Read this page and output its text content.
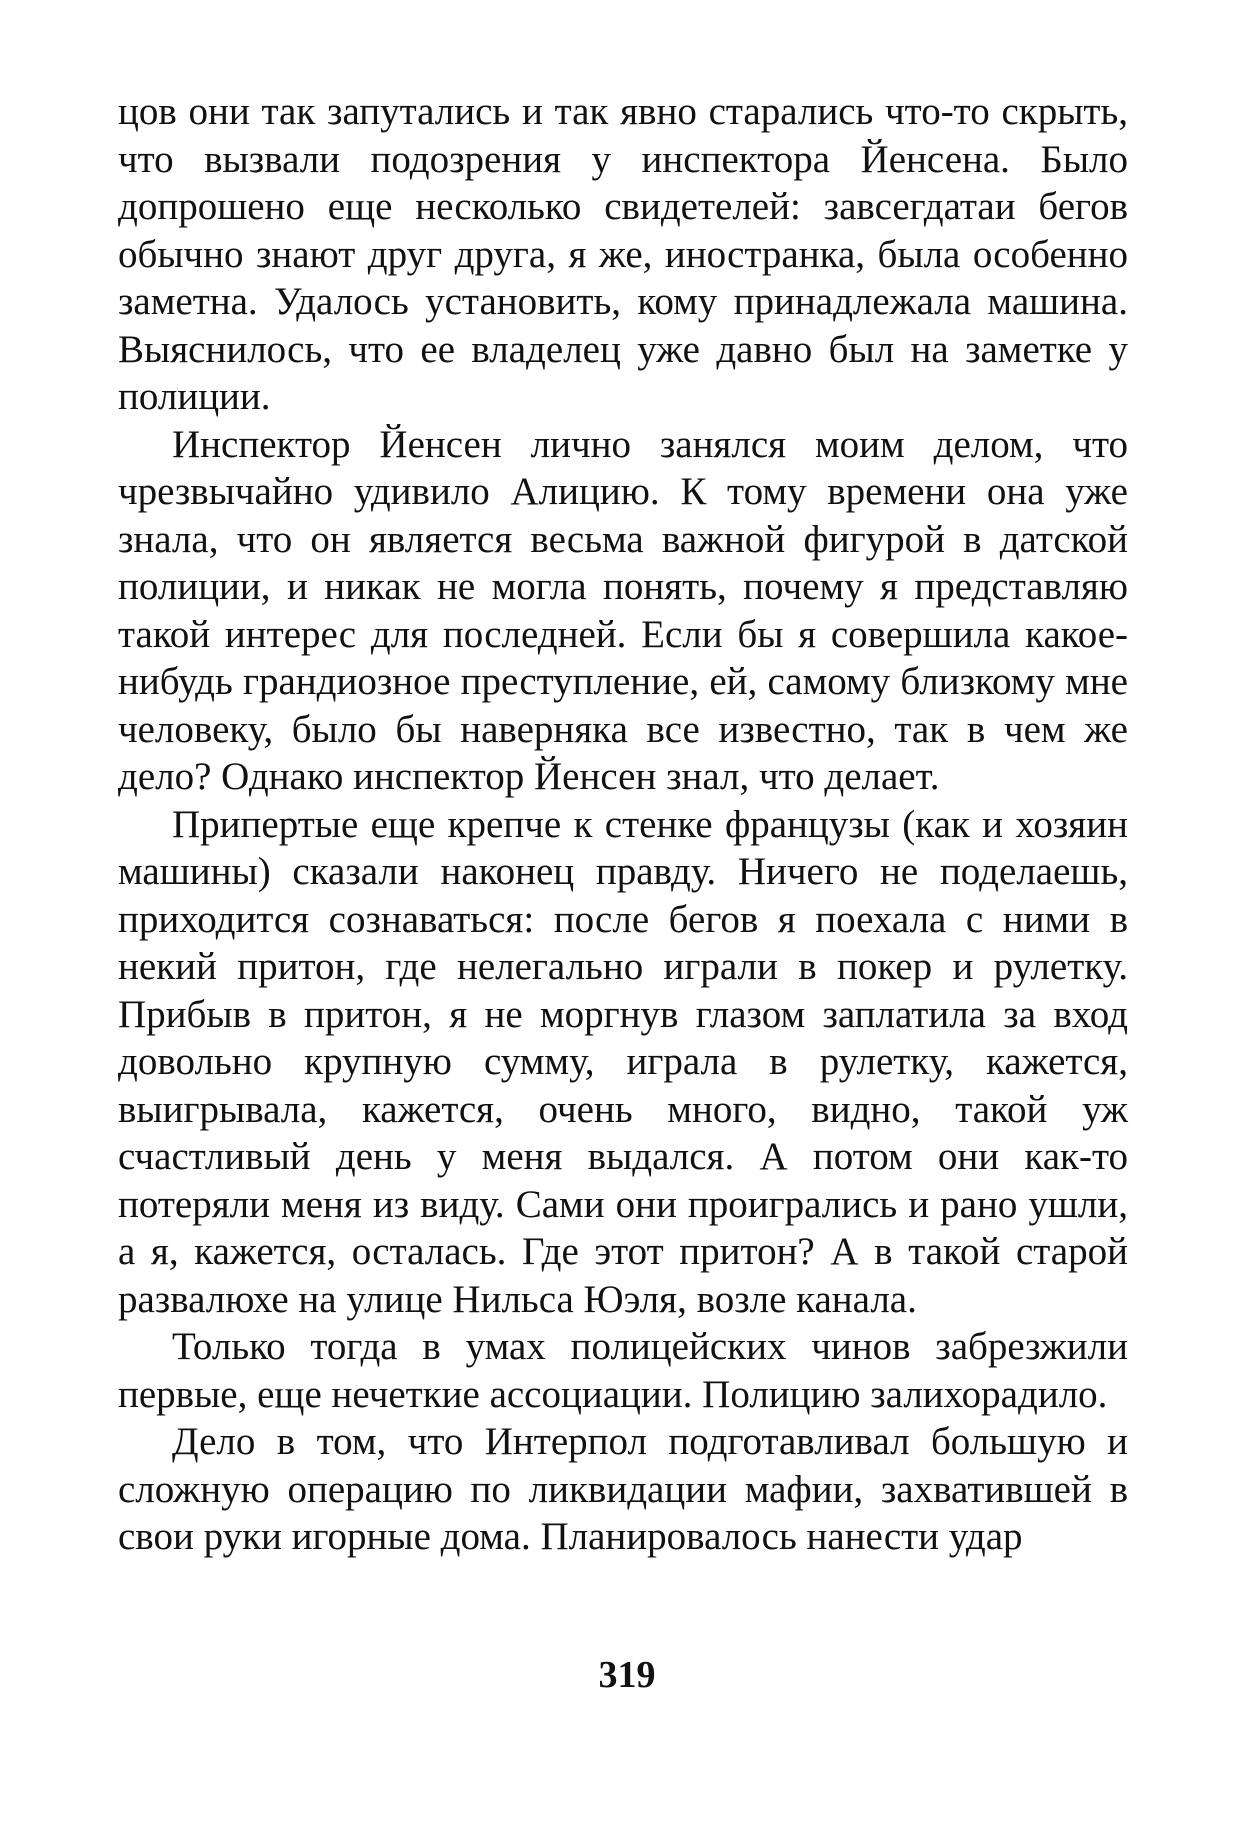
цов они так запутались и так явно старались что-то скрыть, что вызвали подозрения у инспектора Йенсена. Было допрошено еще несколько свидетелей: завсегдатаи бегов обычно знают друг друга, я же, иностранка, была особенно заметна. Удалось установить, кому принадлежала машина. Выяснилось, что ее владелец уже давно был на заметке у полиции.

Инспектор Йенсен лично занялся моим делом, что чрезвычайно удивило Алицию. К тому времени она уже знала, что он является весьма важной фигурой в датской полиции, и никак не могла понять, почему я представляю такой интерес для последней. Если бы я совершила какое-нибудь грандиозное преступление, ей, самому близкому мне человеку, было бы наверняка все известно, так в чем же дело? Однако инспектор Йенсен знал, что делает.

Припертые еще крепче к стенке французы (как и хозяин машины) сказали наконец правду. Ничего не поделаешь, приходится сознаваться: после бегов я поехала с ними в некий притон, где нелегально играли в покер и рулетку. Прибыв в притон, я не моргнув глазом заплатила за вход довольно крупную сумму, играла в рулетку, кажется, выигрывала, кажется, очень много, видно, такой уж счастливый день у меня выдался. А потом они как-то потеряли меня из виду. Сами они проигрались и рано ушли, а я, кажется, осталась. Где этот притон? А в такой старой развалюхе на улице Нильса Юэля, возле канала.

Только тогда в умах полицейских чинов забрезжили первые, еще нечеткие ассоциации. Полицию залихорадило.

Дело в том, что Интерпол подготавливал большую и сложную операцию по ликвидации мафии, захватившей в свои руки игорные дома. Планировалось нанести удар

319
